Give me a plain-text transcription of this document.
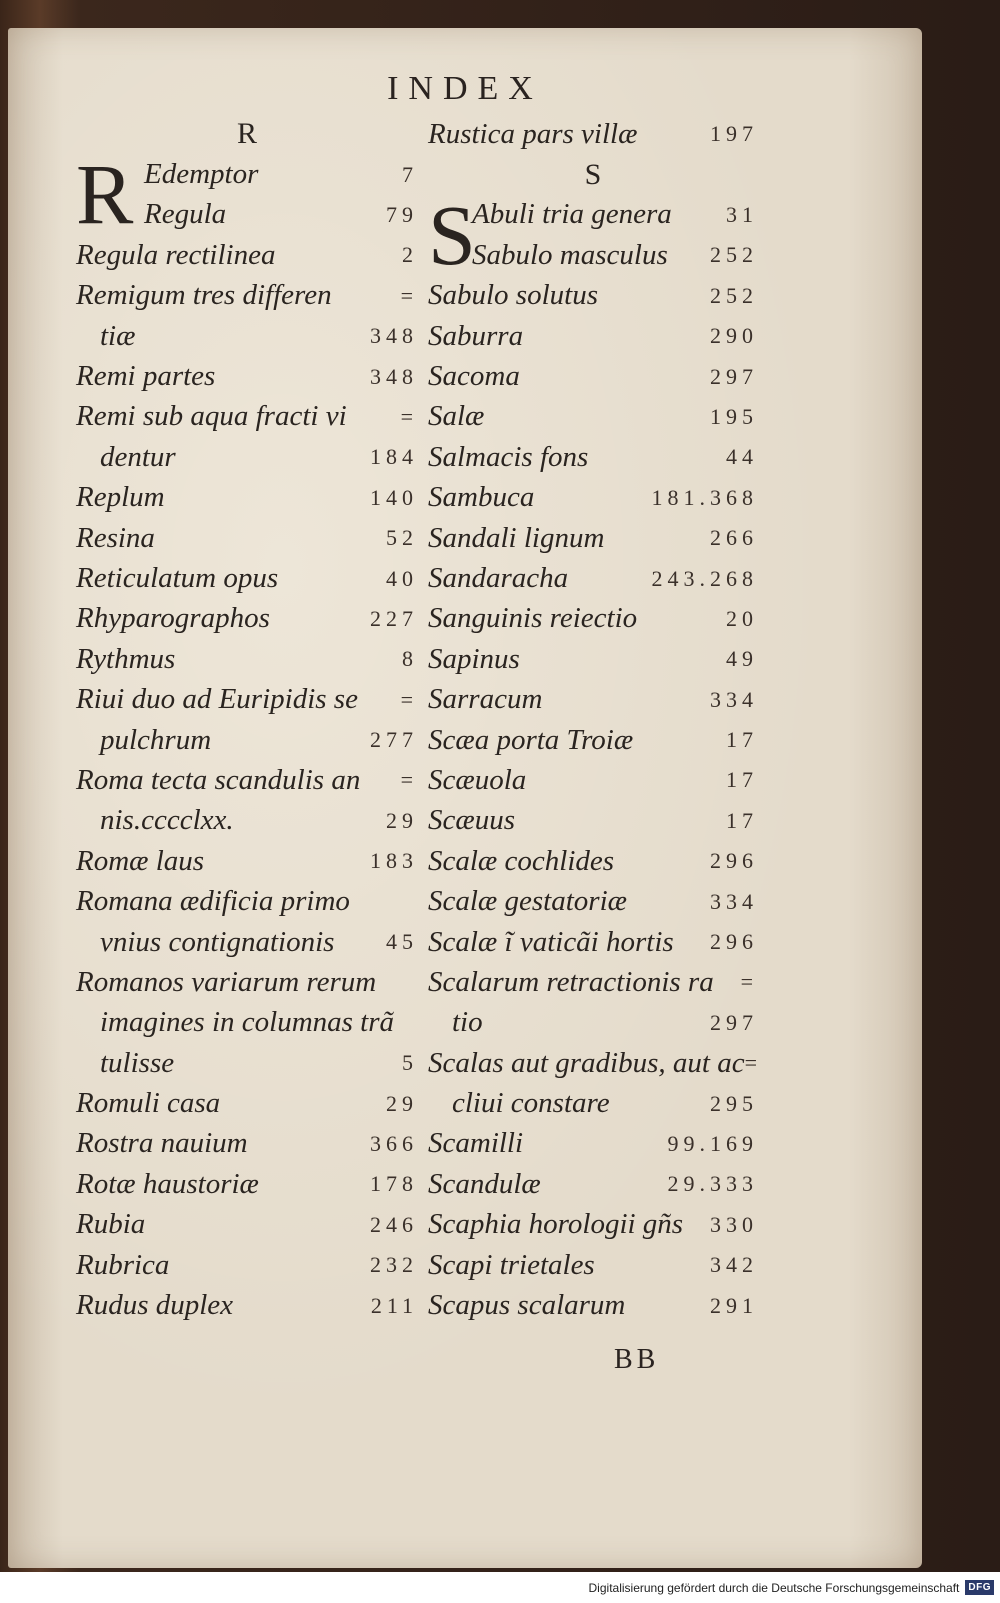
INDEX
R
R Edemptor	7
Regula	79
Regula rectilinea	2
Remigum tres differen	=
tiæ	348
Remi partes	348
Remi sub aqua fracti vi =
dentur	184
Replum	140
Resina	52
Reticulatum opus	40
Rhyparographos	227
Rythmus	8
Riui duo ad Euripidis se =
pulchrum	277
Roma tecta scandulis an =
nis.cccclxx.	29
Romæ laus	183
Romana ædificia primo
vnius contignationis 45
Romanos variarum rerum
imagines in columnas trã
tulisse	5
Romuli casa	29
Rostra nauium	366
Rotæ haustoriæ	178
Rubia	246
Rubrica	232
Rudus duplex	211
Rustica pars villæ	197
S
S
Abuli tria genera 31
Sabulo masculus 252
Sabulo solutus	252
Saburra	290
Sacoma	297
Salæ	195
Salmacis fons	44
Sambuca	181.368
Sandali lignum	266
Sandaracha	243.268
Sanguinis reiectio	20
Sapinus	49
Sarracum	334
Scæa porta Troiæ	17
Scæuola	17
Scæuus	17
Scalæ cochlides	296
Scalæ gestatoriæ	334
Scalæ ĩ vaticãi hortis 296
Scalarum retractionis ra =
tio	297
Scalas aut gradibus, aut ac =
cliui constare	295
Scamilli	99.169
Scandulæ	29.333
Scaphia horologii gñs 330
Scapi trietales	342
Scapus scalarum	291
BB
Digitalisierung gefördert durch die Deutsche Forschungsgemeinschaft DFG
